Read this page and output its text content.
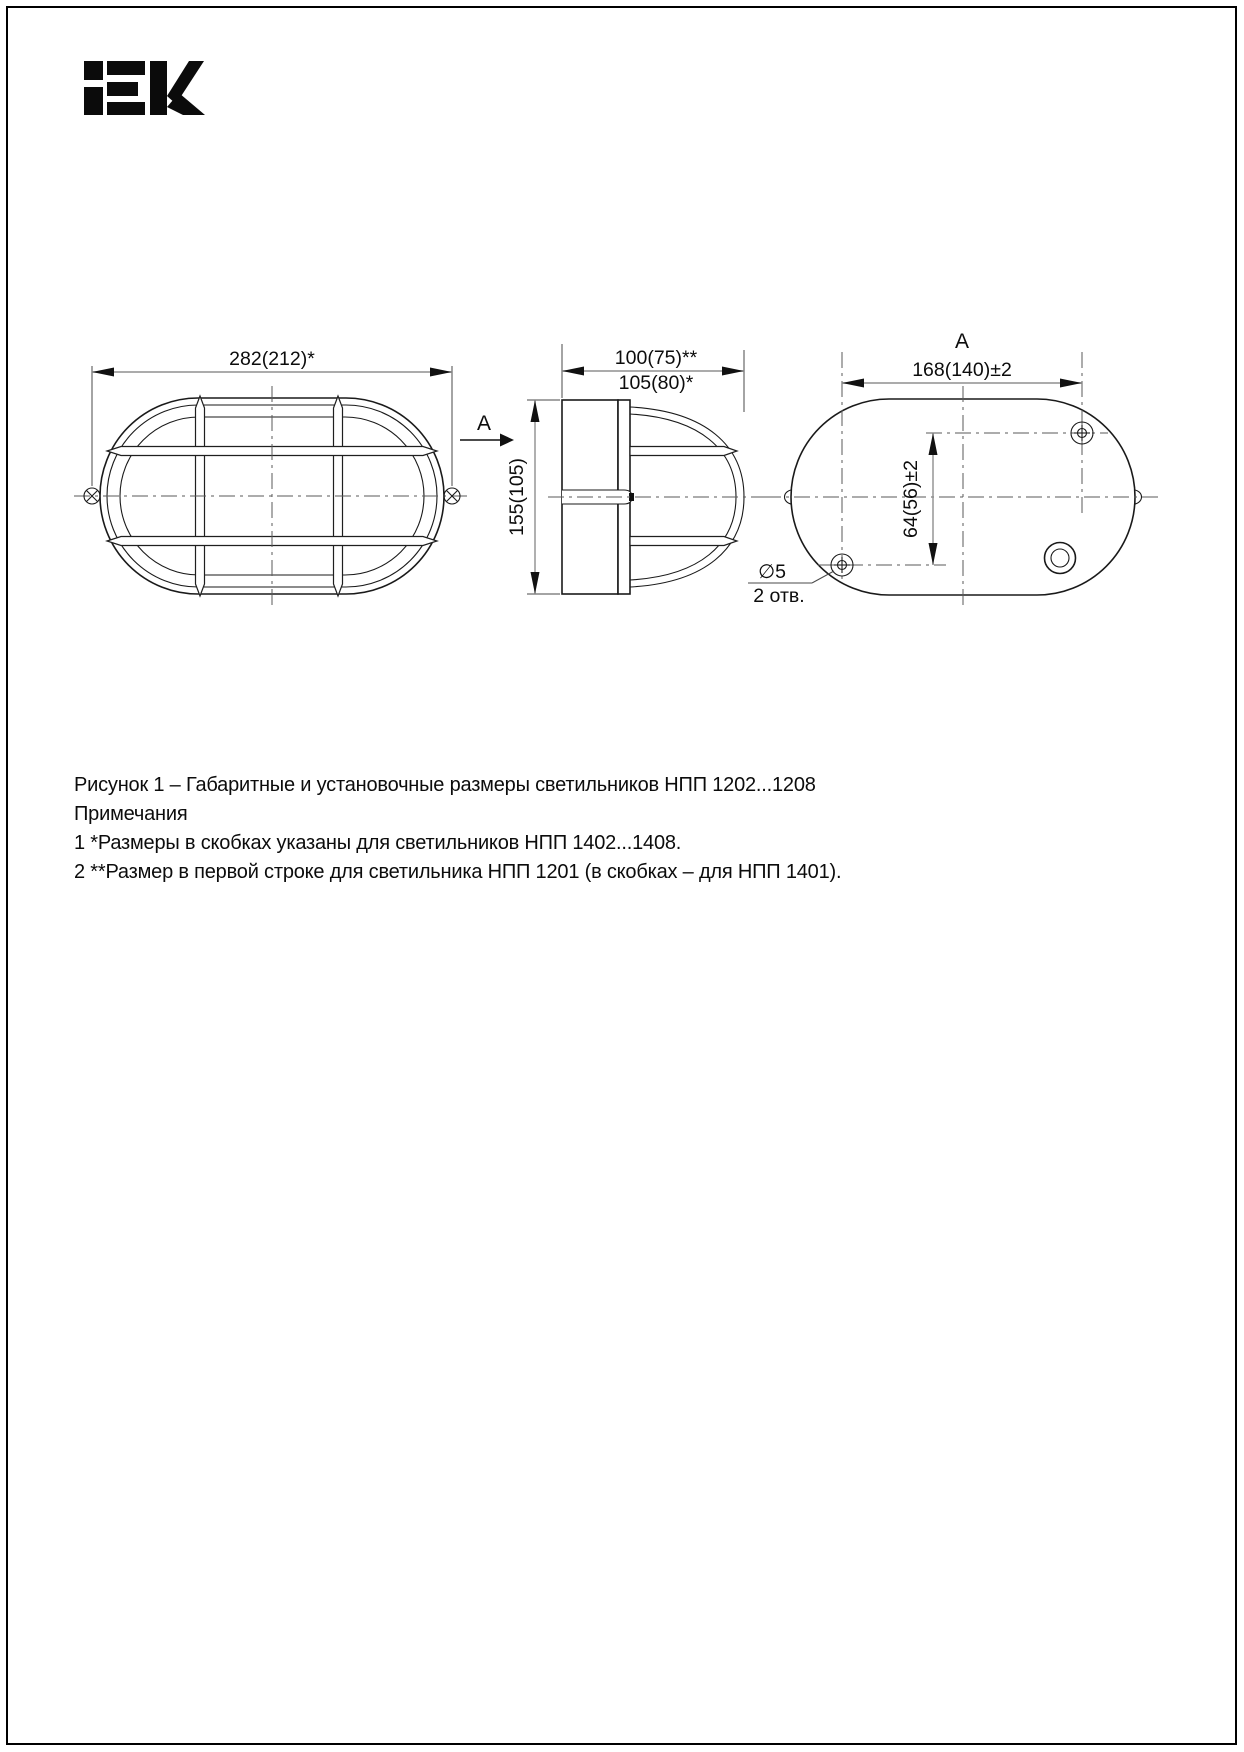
282(212)*
A
155(105)
100(75)**
105(80)*
A
168(140)±2
64(56)±2
∅5
2 отв.
Рисунок 1 – Габаритные и установочные размеры светильников НПП 1202...1208
Примечания
1 *Размеры в скобках указаны для светильников НПП 1402...1408.
2 **Размер в первой строке для светильника НПП 1201 (в скобках – для НПП 1401).
